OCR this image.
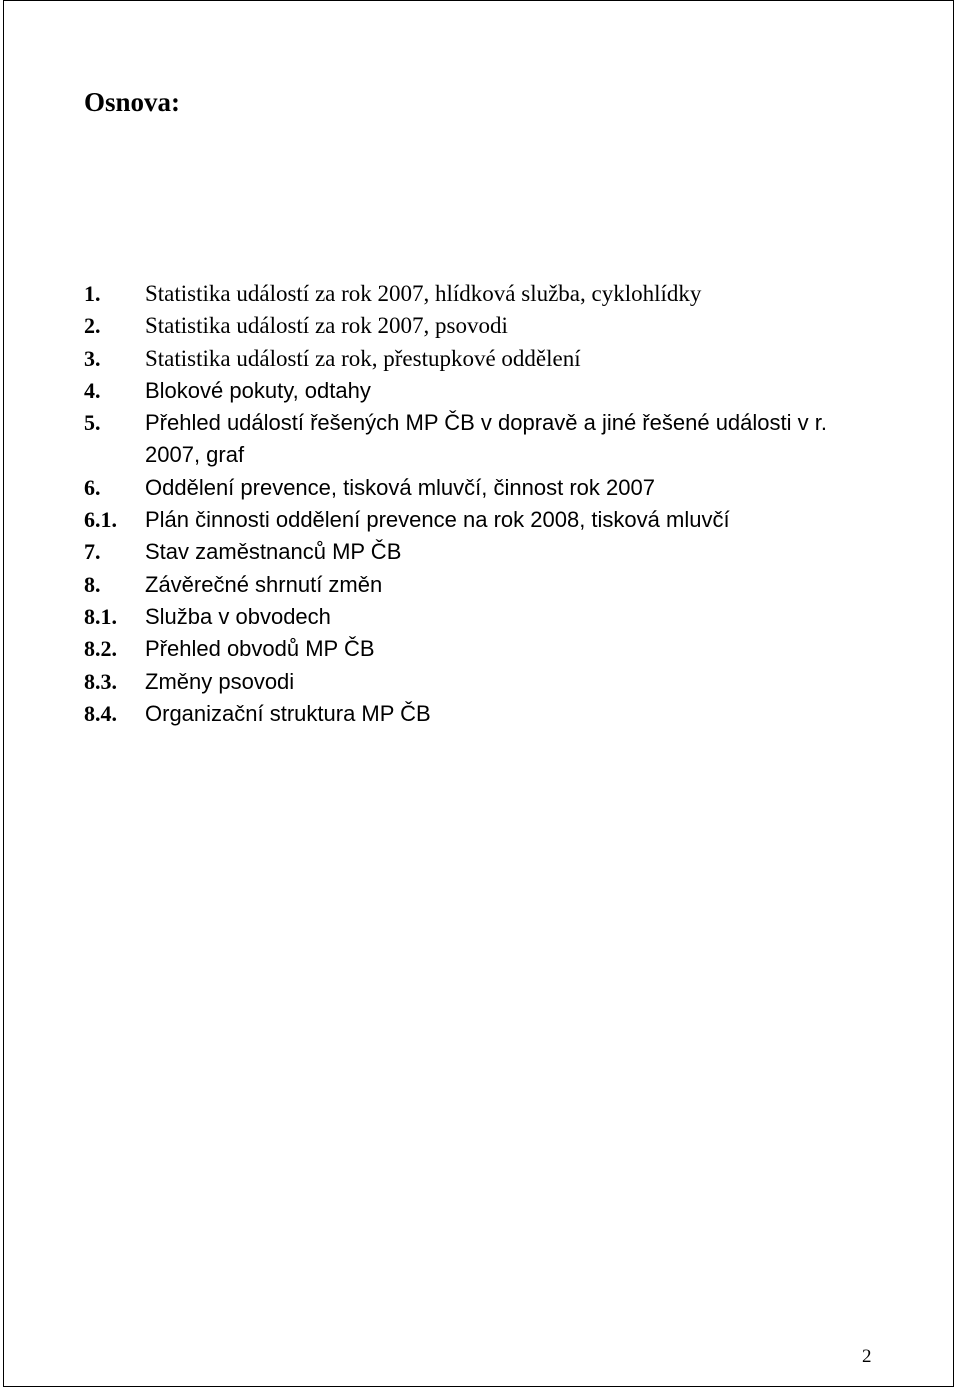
Osnova:
1.	Statistika událostí za rok 2007, hlídková služba, cyklohlídky
2.	Statistika událostí za rok 2007, psovodi
3.	Statistika událostí za rok, přestupkové oddělení
4.	Blokové pokuty, odtahy
5.	Přehled událostí řešených MP ČB v dopravě a jiné řešené události v r. 2007, graf
6.	Oddělení prevence, tisková mluvčí, činnost rok 2007
6.1.	Plán činnosti oddělení prevence na rok 2008, tisková mluvčí
7.	Stav zaměstnanců MP ČB
8.	Závěrečné shrnutí změn
8.1.	Služba v obvodech
8.2.	Přehled obvodů MP ČB
8.3.	Změny psovodi
8.4.	Organizační struktura MP ČB
2
